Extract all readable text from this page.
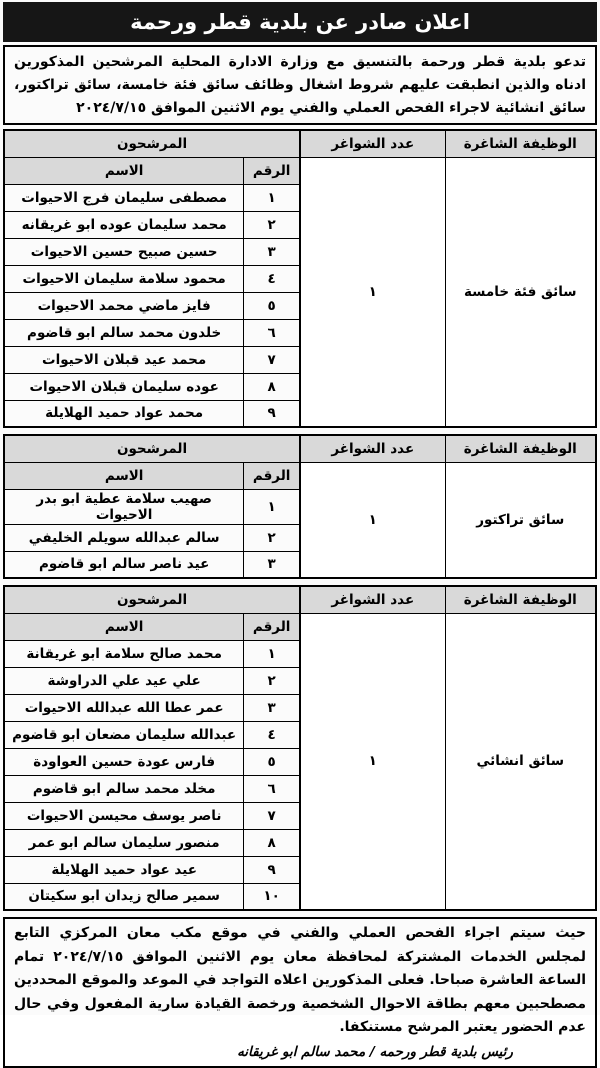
اعلان صادر عن بلدية قطر ورحمة
تدعو بلدية قطر ورحمة بالتنسيق مع وزارة الادارة المحلية المرشحين المذكورين ادناه والذين انطبقت عليهم شروط اشغال وظائف سائق فئة خامسة، سائق تراكتور، سائق انشائية لاجراء الفحص العملي والفني يوم الاثنين الموافق ٢٠٢٤/٧/١٥
الوظيفة الشاغرة	عدد الشواغر	المرشحون	
سائق فئة خامسة	١	الرقم	الاسم
		١	مصطفى سليمان فرج الاحيوات
		٢	محمد سليمان عوده ابو غريقانه
		٣	حسين صبيح حسين الاحيوات
		٤	محمود سلامة سليمان الاحيوات
		٥	فايز ماضي محمد الاحيوات
		٦	خلدون محمد سالم ابو قاضوم
		٧	محمد عيد قبلان الاحيوات
		٨	عوده سليمان قبلان الاحيوات
		٩	محمد عواد حميد الهلايلة
الوظيفة الشاغرة	عدد الشواغر	المرشحون	
سائق تراكتور	١	الرقم	الاسم
		١	صهيب سلامة عطية ابو بدر الاحيوات
		٢	سالم عبدالله سويلم الخليفي
		٣	عيد ناصر سالم ابو قاضوم
الوظيفة الشاغرة	عدد الشواغر	المرشحون	
سائق انشائي	١	الرقم	الاسم
		١	محمد صالح سلامة ابو غريقانة
		٢	علي عيد علي الدراوشة
		٣	عمر عطا الله عبدالله الاحيوات
		٤	عبدالله سليمان مضعان ابو قاضوم
		٥	فارس عودة حسين العواودة
		٦	مخلد محمد سالم ابو قاضوم
		٧	ناصر يوسف محيسن الاحيوات
		٨	منصور سليمان سالم ابو عمر
		٩	عيد عواد حميد الهلايلة
		١٠	سمير صالح زيدان ابو سكيتان
حيث سيتم اجراء الفحص العملي والفني في موقع مكب معان المركزي التابع لمجلس الخدمات المشتركة لمحافظة معان يوم الاثنين الموافق ٢٠٢٤/٧/١٥ تمام الساعة العاشرة صباحا. فعلى المذكورين اعلاه التواجد في الموعد والموقع المحددين مصطحبين معهم بطاقة الاحوال الشخصية ورخصة القيادة سارية المفعول وفي حال عدم الحضور يعتبر المرشح مستنكفا.
رئيس بلدية قطر ورحمه / محمد سالم ابو غريقانه
